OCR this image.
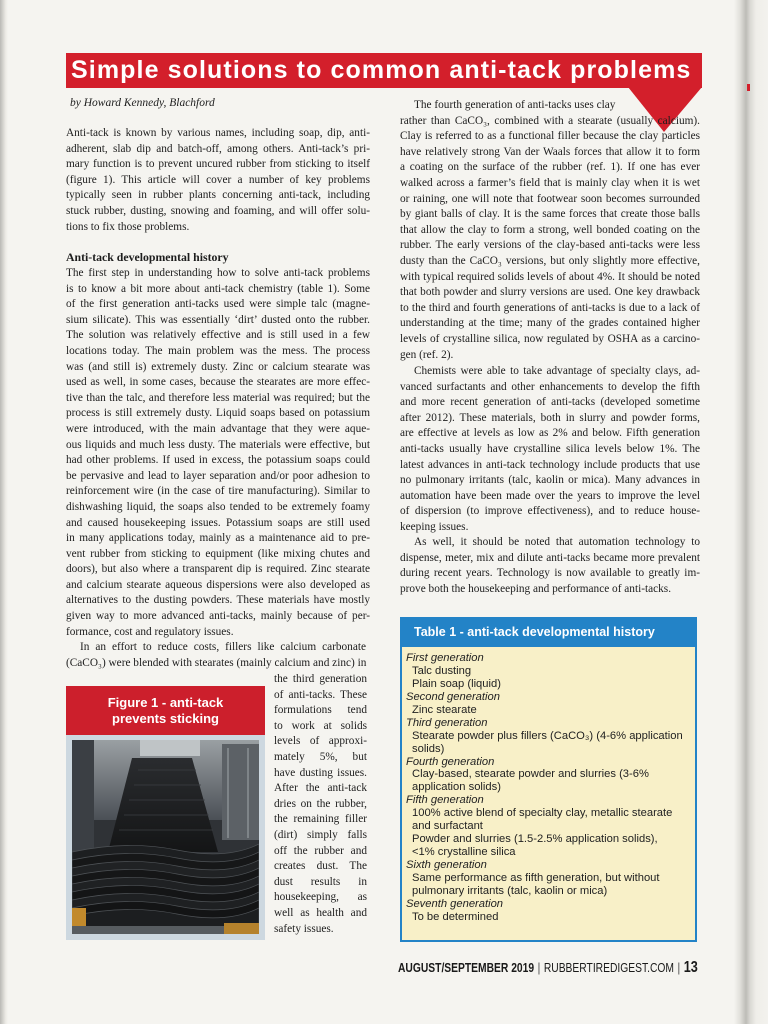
Simple solutions to common anti-tack problems
by Howard Kennedy, Blachford
Anti-tack is known by various names, including soap, dip, anti-
adherent, slab dip and batch-off, among others. Anti-tack’s pri-
mary function is to prevent uncured rubber from sticking to itself
(figure 1). This article will cover a number of key problems
typically seen in rubber plants concerning anti-tack, including
stuck rubber, dusting, snowing and foaming, and will offer solu-
tions to fix those problems.
Anti-tack developmental history
The first step in understanding how to solve anti-tack problems
is to know a bit more about anti-tack chemistry (table 1). Some
of the first generation anti-tacks used were simple talc (magne-
sium silicate). This was essentially ‘dirt’ dusted onto the rubber.
The solution was relatively effective and is still used in a few
locations today. The main problem was the mess. The process
was (and still is) extremely dusty. Zinc or calcium stearate was
used as well, in some cases, because the stearates are more effec-
tive than the talc, and therefore less material was required; but the
process is still extremely dusty. Liquid soaps based on potassium
were introduced, with the main advantage that they were aque-
ous liquids and much less dusty. The materials were effective, but
had other problems. If used in excess, the potassium soaps could
be pervasive and lead to layer separation and/or poor adhesion to
reinforcement wire (in the case of tire manufacturing). Similar to
dishwashing liquid, the soaps also tended to be extremely foamy
and caused housekeeping issues. Potassium soaps are still used
in many applications today, mainly as a maintenance aid to pre-
vent rubber from sticking to equipment (like mixing chutes and
doors), but also where a transparent dip is required. Zinc stearate
and calcium stearate aqueous dispersions were also developed as
alternatives to the dusting powders. These materials have mostly
given way to more advanced anti-tacks, mainly because of per-
formance, cost and regulatory issues.
In an effort to reduce costs, fillers like calcium carbonate
(CaCO₃) were blended with stearates (mainly calcium and zinc) in
the third generation
of anti-tacks. These
formulations tend
to work at solids
levels of approxi-
mately 5%, but
have dusting issues.
After the anti-tack
dries on the rubber,
the remaining filler
(dirt) simply falls
off the rubber and
creates dust. The
dust results in
housekeeping, as
well as health and
safety issues.
Figure 1 - anti-tack
prevents sticking
The fourth generation of anti-tacks uses clay
rather than CaCO₃, combined with a stearate (usually calcium).
Clay is referred to as a functional filler because the clay particles
have relatively strong Van der Waals forces that allow it to form
a coating on the surface of the rubber (ref. 1). If one has ever
walked across a farmer’s field that is mainly clay when it is wet
or raining, one will note that footwear soon becomes surrounded
by giant balls of clay. It is the same forces that create those balls
that allow the clay to form a strong, well bonded coating on the
rubber. The early versions of the clay-based anti-tacks were less
dusty than the CaCO₃ versions, but only slightly more effective,
with typical required solids levels of about 4%. It should be noted
that both powder and slurry versions are used. One key drawback
to the third and fourth generations of anti-tacks is due to a lack of
understanding at the time; many of the grades contained higher
levels of crystalline silica, now regulated by OSHA as a carcino-
gen (ref. 2).
Chemists were able to take advantage of specialty clays, ad-
vanced surfactants and other enhancements to develop the fifth
and more recent generation of anti-tacks (developed sometime
after 2012). These materials, both in slurry and powder forms,
are effective at levels as low as 2% and below. Fifth generation
anti-tacks usually have crystalline silica levels below 1%. The
latest advances in anti-tack technology include products that use
no pulmonary irritants (talc, kaolin or mica). Many advances in
automation have been made over the years to improve the level
of dispersion (to improve effectiveness), and to reduce house-
keeping issues.
As well, it should be noted that automation technology to
dispense, meter, mix and dilute anti-tacks became more prevalent
during recent years. Technology is now available to greatly im-
prove both the housekeeping and performance of anti-tacks.
Table 1 - anti-tack developmental history
First generation
Talc dusting
Plain soap (liquid)
Second generation
Zinc stearate
Third generation
Stearate powder plus fillers (CaCO₃) (4-6% application
solids)
Fourth generation
Clay-based, stearate powder and slurries (3-6%
application solids)
Fifth generation
100% active blend of specialty clay, metallic stearate
and surfactant
Powder and slurries (1.5-2.5% application solids),
<1% crystalline silica
Sixth generation
Same performance as fifth generation, but without
pulmonary irritants (talc, kaolin or mica)
Seventh generation
To be determined
AUGUST/SEPTEMBER 2019 | RUBBERTIREDIGEST.COM | 13
